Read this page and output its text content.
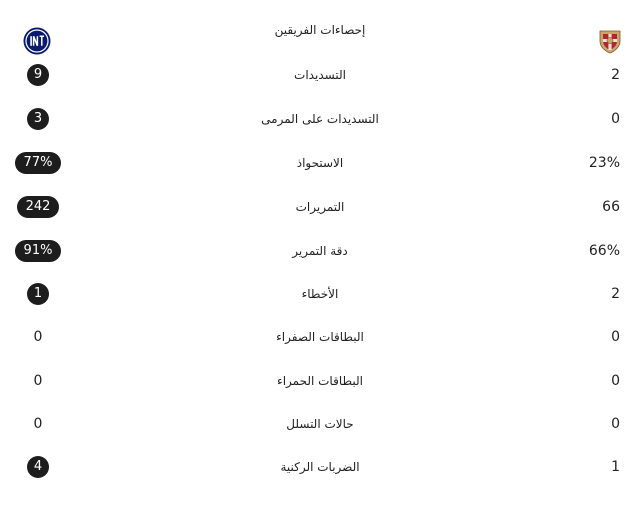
إحصاءات الفريقين
9	التسديدات	2
3	التسديدات على المرمى	0
77%	الاستحواذ	23%
242	التمريرات	66
91%	دقة التمرير	66%
1	الأخطاء	2
0	البطاقات الصفراء	0
0	البطاقات الحمراء	0
0	حالات التسلل	0
4	الضربات الركنية	1
